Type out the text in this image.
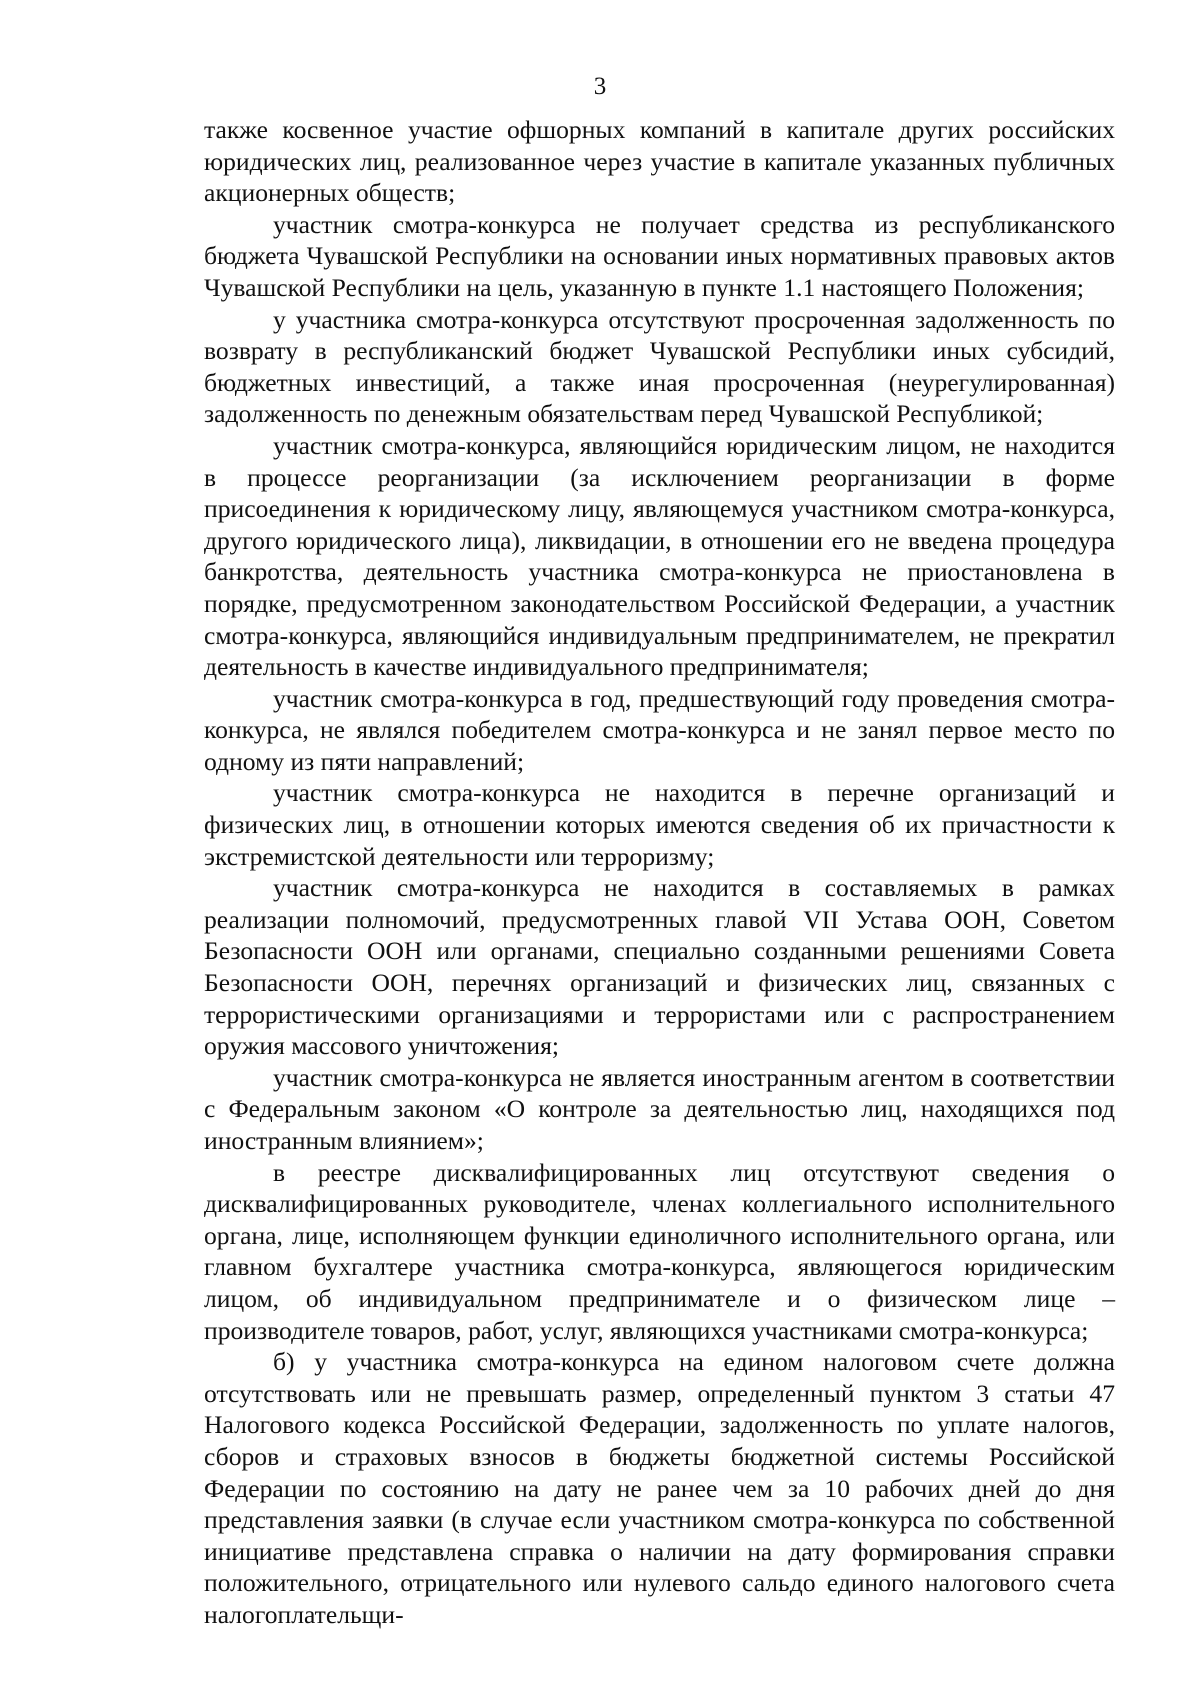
3

также косвенное участие офшорных компаний в капитале других российских юридических лиц, реализованное через участие в капитале указанных публичных акционерных обществ;

участник смотра-конкурса не получает средства из республиканского бюджета Чувашской Республики на основании иных нормативных правовых актов Чувашской Республики на цель, указанную в пункте 1.1 настоящего Положения;

у участника смотра-конкурса отсутствуют просроченная задолженность по возврату в республиканский бюджет Чувашской Республики иных субсидий, бюджетных инвестиций, а также иная просроченная (неурегулированная) задолженность по денежным обязательствам перед Чувашской Республикой;

участник смотра-конкурса, являющийся юридическим лицом, не находится в процессе реорганизации (за исключением реорганизации в форме присоединения к юридическому лицу, являющемуся участником смотра-конкурса, другого юридического лица), ликвидации, в отношении его не введена процедура банкротства, деятельность участника смотра-конкурса не приостановлена в порядке, предусмотренном законодательством Российской Федерации, а участник смотра-конкурса, являющийся индивидуальным предпринимателем, не прекратил деятельность в качестве индивидуального предпринимателя;

участник смотра-конкурса в год, предшествующий году проведения смотра-конкурса, не являлся победителем смотра-конкурса и не занял первое место по одному из пяти направлений;

участник смотра-конкурса не находится в перечне организаций и физических лиц, в отношении которых имеются сведения об их причастности к экстремистской деятельности или терроризму;

участник смотра-конкурса не находится в составляемых в рамках реализации полномочий, предусмотренных главой VII Устава ООН, Советом Безопасности ООН или органами, специально созданными решениями Совета Безопасности ООН, перечнях организаций и физических лиц, связанных с террористическими организациями и террористами или с распространением оружия массового уничтожения;

участник смотра-конкурса не является иностранным агентом в соответствии с Федеральным законом «О контроле за деятельностью лиц, находящихся под иностранным влиянием»;

в реестре дисквалифицированных лиц отсутствуют сведения о дисквалифицированных руководителе, членах коллегиального исполнительного органа, лице, исполняющем функции единоличного исполнительного органа, или главном бухгалтере участника смотра-конкурса, являющегося юридическим лицом, об индивидуальном предпринимателе и о физическом лице – производителе товаров, работ, услуг, являющихся участниками смотра-конкурса;

б) у участника смотра-конкурса на едином налоговом счете должна отсутствовать или не превышать размер, определенный пунктом 3 статьи 47 Налогового кодекса Российской Федерации, задолженность по уплате налогов, сборов и страховых взносов в бюджеты бюджетной системы Российской Федерации по состоянию на дату не ранее чем за 10 рабочих дней до дня представления заявки (в случае если участником смотра-конкурса по собственной инициативе представлена справка о наличии на дату формирования справки положительного, отрицательного или нулевого сальдо единого налогового счета налогоплательщи-
